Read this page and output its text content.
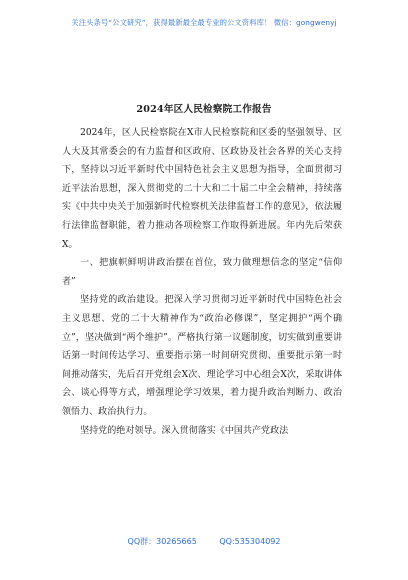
关注头条号“公文研究”，获得最新最全最专业的公文资料库！ 微信：gongwenyj
2024年区人民检察院工作报告

2024年，区人民检察院在X市人民检察院和区委的坚强领导、区人大及其常委会的有力监督和区政府、区政协及社会各界的关心支持下，坚持以习近平新时代中国特色社会主义思想为指导，全面贯彻习近平法治思想，深入贯彻党的二十大和二十届二中全会精神，持续落实《中共中央关于加强新时代检察机关法律监督工作的意见》，依法履行法律监督职能，着力推动各项检察工作取得新进展。年内先后荣获X。

一、把旗帜鲜明讲政治摆在首位，致力做理想信念的坚定“信仰者”

坚持党的政治建设。把深入学习贯彻习近平新时代中国特色社会主义思想、党的二十大精神作为“政治必修课”，坚定拥护“两个确立”，坚决做到“两个维护”。严格执行第一议题制度，切实做到重要讲话第一时间传达学习、重要指示第一时间研究贯彻、重要批示第一时间推动落实，先后召开党组会X次、理论学习中心组会X次，采取讲体会、谈心得等方式，增强理论学习效果，着力提升政治判断力、政治领悟力、政治执行力。

坚持党的绝对领导。深入贯彻落实《中国共产党政法

QQ群：30265665	QQ:535304092
